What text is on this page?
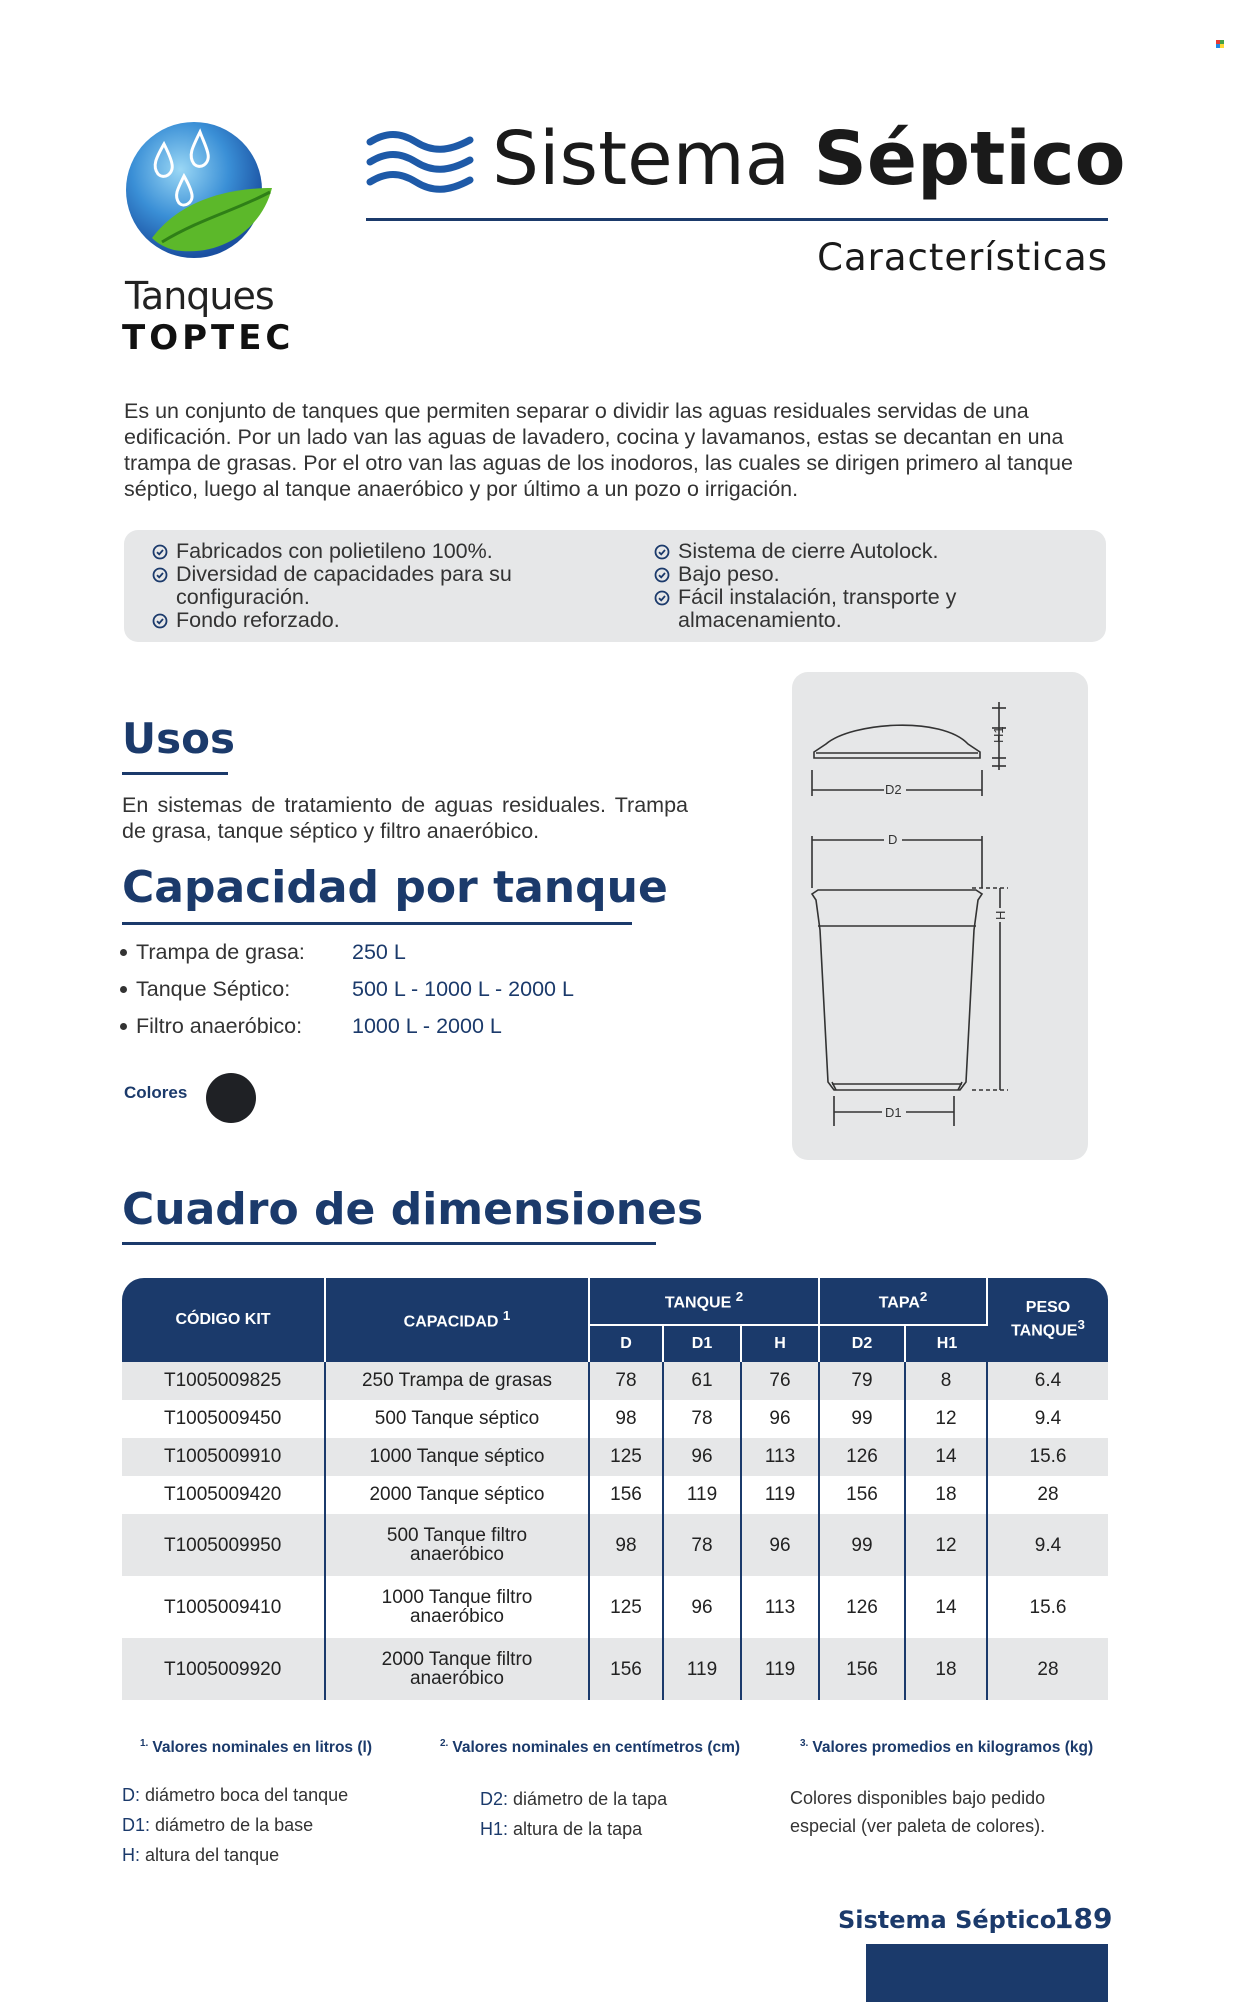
Tanques
TOPTEC
Sistema Séptico
Características
Es un conjunto de tanques que permiten separar o dividir las aguas residuales servidas de una edificación. Por un lado van las aguas de lavadero, cocina y lavamanos, estas se decantan en una trampa de grasas. Por el otro van las aguas de los inodoros, las cuales se dirigen primero al tanque séptico, luego al tanque anaeróbico y por último a un pozo o irrigación.
Fabricados con polietileno 100%.
Diversidad de capacidades para su configuración.
Fondo reforzado.
Sistema de cierre Autolock.
Bajo peso.
Fácil instalación, transporte y almacenamiento.
Usos
En sistemas de tratamiento de aguas residuales. Trampa de grasa, tanque séptico y filtro anaeróbico.
Capacidad por tanque
Trampa de grasa: 250 L
Tanque Séptico:	500 L - 1000 L - 2000 L
Filtro anaeróbico: 1000 L - 2000 L
Colores
D2
D
D1
H
H1
Cuadro de dimensiones
CÓDIGO KIT	CAPACIDAD $^1$	TANQUE $^2$			TAPA$^2$		PESO
TANQUE$^3$
		D	D1	H	D2	H1	
T1005009825	250 Trampa de grasas	78	61	76	79	8	6.4
T1005009450	500 Tanque séptico	98	78	96	99	12	9.4
T1005009910	1000 Tanque séptico	125	96	113	126	14	15.6
T1005009420	2000 Tanque séptico	156	119	119	156	18	28
T1005009950	500 Tanque filtro
anaeróbico	98	78	96	99	12	9.4
T1005009410	1000 Tanque filtro
anaeróbico	125	96	113	126	14	15.6
T1005009920	2000 Tanque filtro
anaeróbico	156	119	119	156	18	28
$^{1.}$ Valores nominales en litros (l)	$^{2.}$ Valores nominales en centímetros (cm)	$^{3.}$ Valores promedios en kilogramos (kg)
D: diámetro boca del tanque
D1: diámetro de la base
H: altura del tanque
D2: diámetro de la tapa
H1: altura de la tapa
Colores disponibles bajo pedido especial (ver paleta de colores).
Sistema Séptico
189
